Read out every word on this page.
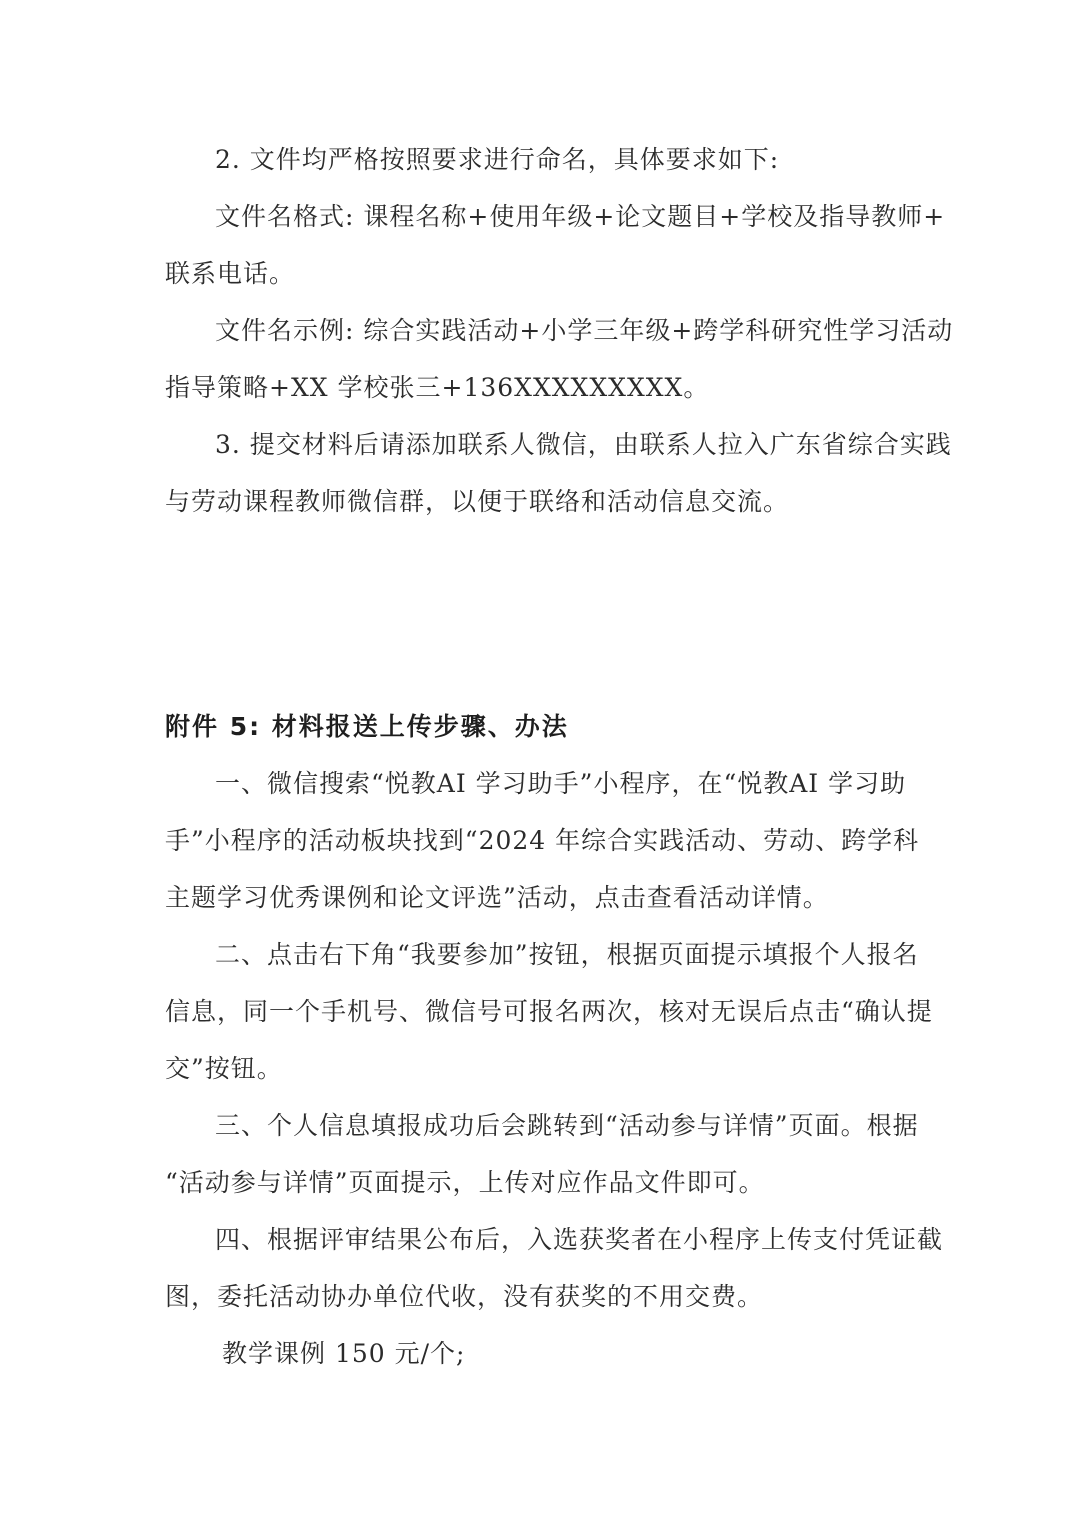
2. 文件均严格按照要求进行命名，具体要求如下:
文件名格式: 课程名称+使用年级+论文题目+学校及指导教师+
联系电话。
文件名示例: 综合实践活动+小学三年级+跨学科研究性学习活动
指导策略+XX 学校张三+136XXXXXXXXX。
3. 提交材料后请添加联系人微信，由联系人拉入广东省综合实践
与劳动课程教师微信群，以便于联络和活动信息交流。
附件 5: 材料报送上传步骤、办法
一、微信搜索“悦教AI 学习助手”小程序，在“悦教AI 学习助
手”小程序的活动板块找到“2024 年综合实践活动、劳动、跨学科
主题学习优秀课例和论文评选”活动，点击查看活动详情。
二、点击右下角“我要参加”按钮，根据页面提示填报个人报名
信息，同一个手机号、微信号可报名两次，核对无误后点击“确认提
交”按钮。
三、个人信息填报成功后会跳转到“活动参与详情”页面。根据
“活动参与详情”页面提示，上传对应作品文件即可。
四、根据评审结果公布后，入选获奖者在小程序上传支付凭证截
图，委托活动协办单位代收，没有获奖的不用交费。
教学课例 150 元/个;
